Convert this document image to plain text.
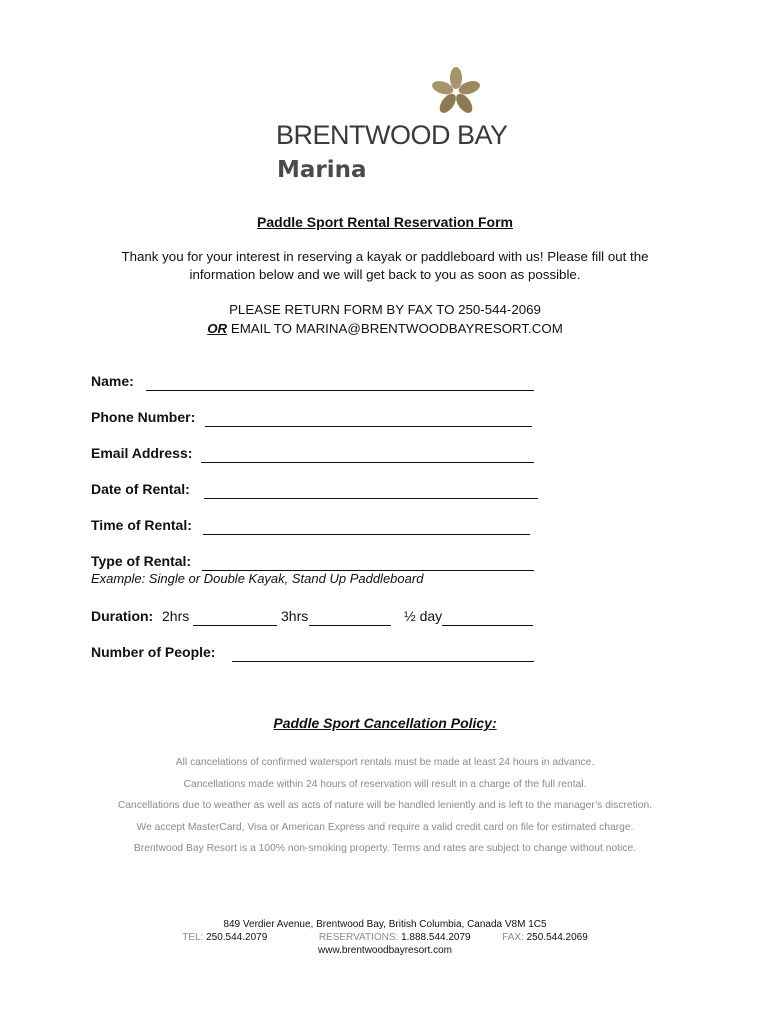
BRENTWOOD BAY
Marina
Paddle Sport Rental Reservation Form
Thank you for your interest in reserving a kayak or paddleboard with us! Please fill out the
information below and we will get back to you as soon as possible.
PLEASE RETURN FORM BY FAX TO 250-544-2069
OR EMAIL TO MARINA@BRENTWOODBAYRESORT.COM
Name:
Phone Number:
Email Address:
Date of Rental:
Time of Rental:
Type of Rental:
Example: Single or Double Kayak, Stand Up Paddleboard
Duration: 2hrs	3hrs	½ day
Number of People:
Paddle Sport Cancellation Policy:
All cancelations of confirmed watersport rentals must be made at least 24 hours in advance.
Cancellations made within 24 hours of reservation will result in a charge of the full rental.
Cancellations due to weather as well as acts of nature will be handled leniently and is left to the manager’s discretion.
We accept MasterCard, Visa or American Express and require a valid credit card on file for estimated charge.
Brentwood Bay Resort is a 100% non-smoking property. Terms and rates are subject to change without notice.
849 Verdier Avenue, Brentwood Bay, British Columbia, Canada V8M 1C5
TEL: 250.544.2079	RESERVATIONS: 1.888.544.2079	FAX: 250.544.2069
www.brentwoodbayresort.com
